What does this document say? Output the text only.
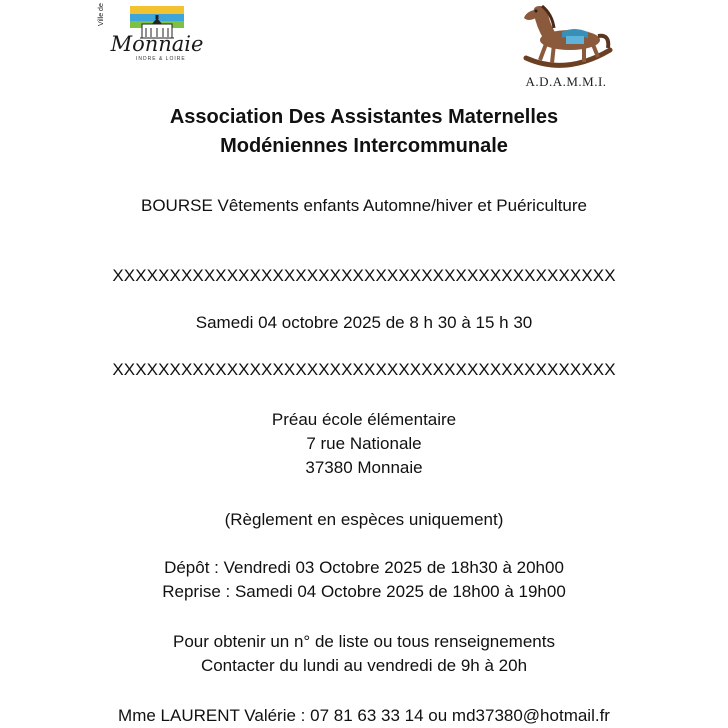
Ville de
Monnaie
INDRE & LOIRE
A.D.A.M.M.I.
Association Des Assistantes Maternelles
Modéniennes Intercommunale
BOURSE Vêtements enfants Automne/hiver et Puériculture
XXXXXXXXXXXXXXXXXXXXXXXXXXXXXXXXXXXXXXXXXXXX
Samedi 04 octobre 2025 de 8 h 30 à 15 h 30
XXXXXXXXXXXXXXXXXXXXXXXXXXXXXXXXXXXXXXXXXXXX
Préau école élémentaire
7 rue Nationale
37380 Monnaie
(Règlement en espèces uniquement)
Dépôt : Vendredi 03 Octobre 2025 de 18h30 à 20h00
Reprise : Samedi 04 Octobre 2025 de 18h00 à 19h00
Pour obtenir un n° de liste ou tous renseignements
Contacter du lundi au vendredi de 9h à 20h
Mme LAURENT Valérie : 07 81 63 33 14 ou md37380@hotmail.fr
